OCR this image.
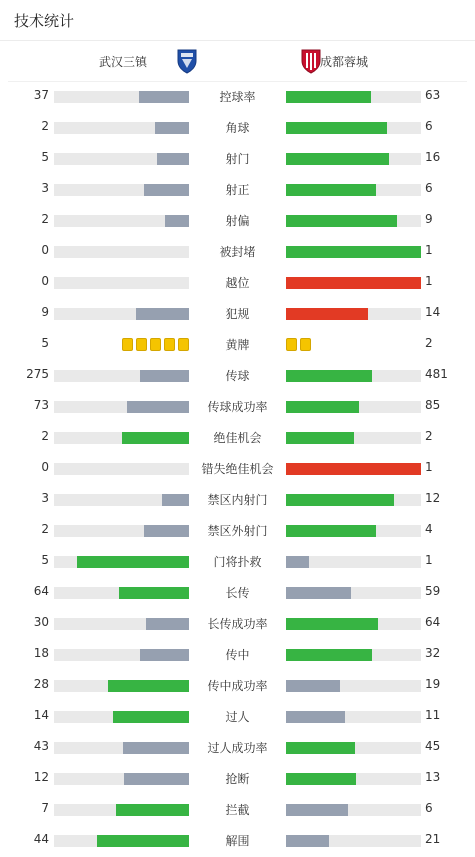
技术统计
武汉三镇	成都蓉城
37	控球率	63
2	角球	6
5	射门	16
3	射正	6
2	射偏	9
0	被封堵	1
0	越位	1
9	犯规	14
5	黄牌	2
275	传球	481
73	传球成功率	85
2	绝佳机会	2
0	错失绝佳机会	1
3	禁区内射门	12
2	禁区外射门	4
5	门将扑救	1
64	长传	59
30	长传成功率	64
18	传中	32
28	传中成功率	19
14	过人	11
43	过人成功率	45
12	抢断	13
7	拦截	6
44	解围	21
